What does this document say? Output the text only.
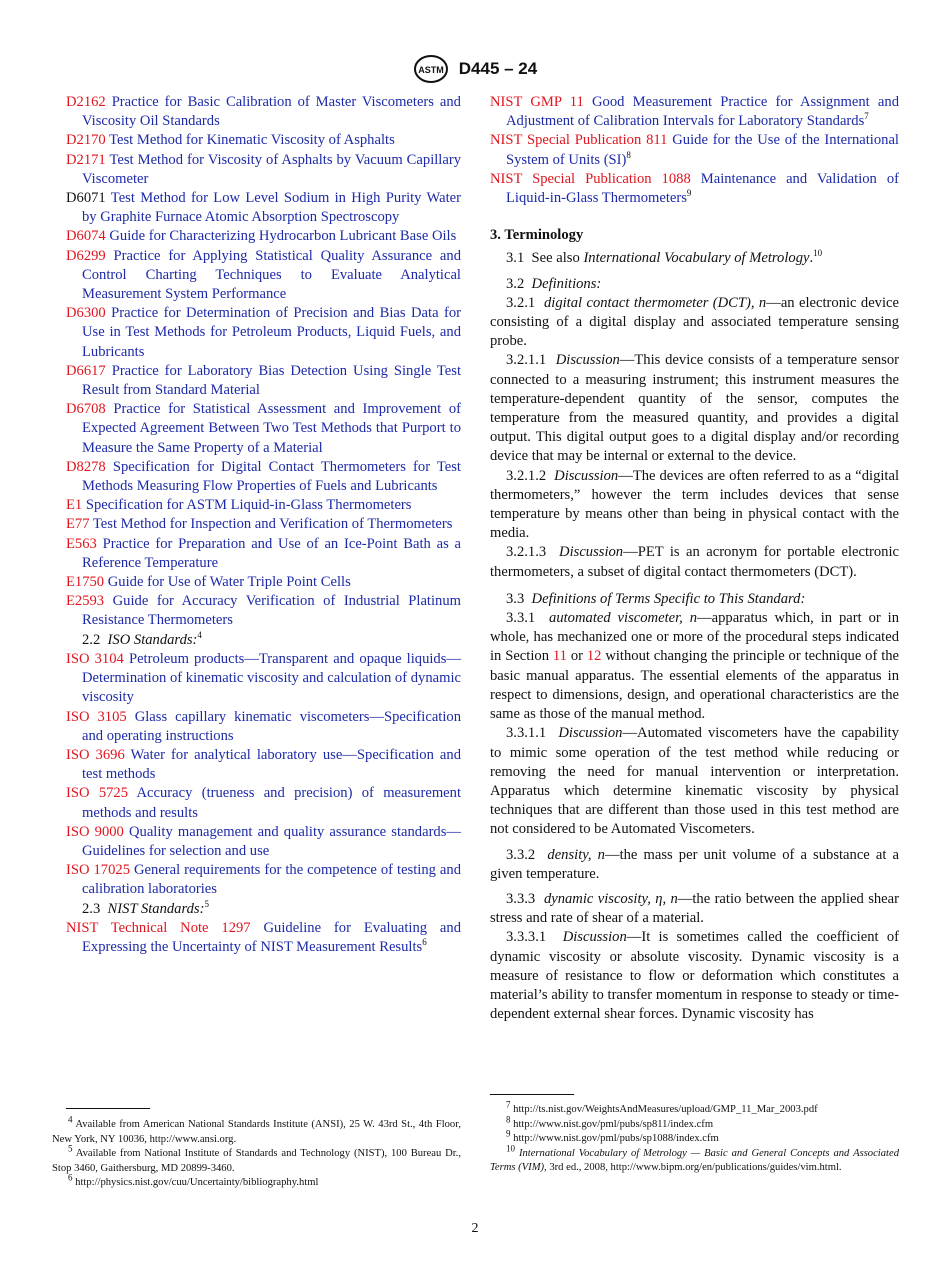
ASTM D445 – 24

D2162 Practice for Basic Calibration of Master Viscometers and Viscosity Oil Standards

D2170 Test Method for Kinematic Viscosity of Asphalts

D2171 Test Method for Viscosity of Asphalts by Vacuum Capillary Viscometer

D6071 Test Method for Low Level Sodium in High Purity Water by Graphite Furnace Atomic Absorption Spectroscopy

D6074 Guide for Characterizing Hydrocarbon Lubricant Base Oils

D6299 Practice for Applying Statistical Quality Assurance and Control Charting Techniques to Evaluate Analytical Measurement System Performance

D6300 Practice for Determination of Precision and Bias Data for Use in Test Methods for Petroleum Products, Liquid Fuels, and Lubricants

D6617 Practice for Laboratory Bias Detection Using Single Test Result from Standard Material

D6708 Practice for Statistical Assessment and Improvement of Expected Agreement Between Two Test Methods that Purport to Measure the Same Property of a Material

D8278 Specification for Digital Contact Thermometers for Test Methods Measuring Flow Properties of Fuels and Lubricants

E1 Specification for ASTM Liquid-in-Glass Thermometers

E77 Test Method for Inspection and Verification of Thermometers

E563 Practice for Preparation and Use of an Ice-Point Bath as a Reference Temperature

E1750 Guide for Use of Water Triple Point Cells

E2593 Guide for Accuracy Verification of Industrial Platinum Resistance Thermometers

2.2 ISO Standards:$^4$

ISO 3104 Petroleum products—Transparent and opaque liquids—Determination of kinematic viscosity and calculation of dynamic viscosity

ISO 3105 Glass capillary kinematic viscometers—Specification and operating instructions

ISO 3696 Water for analytical laboratory use—Specification and test methods

ISO 5725 Accuracy (trueness and precision) of measurement methods and results

ISO 9000 Quality management and quality assurance standards—Guidelines for selection and use

ISO 17025 General requirements for the competence of testing and calibration laboratories

2.3 NIST Standards:$^5$

NIST Technical Note 1297 Guideline for Evaluating and Expressing the Uncertainty of NIST Measurement Results$^6$

NIST GMP 11 Good Measurement Practice for Assignment and Adjustment of Calibration Intervals for Laboratory Standards$^7$

NIST Special Publication 811 Guide for the Use of the International System of Units (SI)$^8$

NIST Special Publication 1088 Maintenance and Validation of Liquid-in-Glass Thermometers$^9$

3. Terminology

3.1 See also International Vocabulary of Metrology.$^{10}$

3.2 Definitions:

3.2.1 digital contact thermometer (DCT), n—an electronic device consisting of a digital display and associated temperature sensing probe.

3.2.1.1 Discussion—This device consists of a temperature sensor connected to a measuring instrument; this instrument measures the temperature-dependent quantity of the sensor, computes the temperature from the measured quantity, and provides a digital output. This digital output goes to a digital display and/or recording device that may be internal or external to the device.

3.2.1.2 Discussion—The devices are often referred to as a “digital thermometers,” however the term includes devices that sense temperature by means other than being in physical contact with the media.

3.2.1.3 Discussion—PET is an acronym for portable electronic thermometers, a subset of digital contact thermometers (DCT).

3.3 Definitions of Terms Specific to This Standard:

3.3.1 automated viscometer, n—apparatus which, in part or in whole, has mechanized one or more of the procedural steps indicated in Section 11 or 12 without changing the principle or technique of the basic manual apparatus. The essential elements of the apparatus in respect to dimensions, design, and operational characteristics are the same as those of the manual method.

3.3.1.1 Discussion—Automated viscometers have the capability to mimic some operation of the test method while reducing or removing the need for manual intervention or interpretation. Apparatus which determine kinematic viscosity by physical techniques that are different than those used in this test method are not considered to be Automated Viscometers.

3.3.2 density, n—the mass per unit volume of a substance at a given temperature.

3.3.3 dynamic viscosity, η, n—the ratio between the applied shear stress and rate of shear of a material.

3.3.3.1 Discussion—It is sometimes called the coefficient of dynamic viscosity or absolute viscosity. Dynamic viscosity is a measure of resistance to flow or deformation which constitutes a material’s ability to transfer momentum in response to steady or time-dependent external shear forces. Dynamic viscosity has

$^4$ Available from American National Standards Institute (ANSI), 25 W. 43rd St., 4th Floor, New York, NY 10036, http://www.ansi.org.

$^5$ Available from National Institute of Standards and Technology (NIST), 100 Bureau Dr., Stop 3460, Gaithersburg, MD 20899-3460.

$^6$ http://physics.nist.gov/cuu/Uncertainty/bibliography.html

$^7$ http://ts.nist.gov/WeightsAndMeasures/upload/GMP_11_Mar_2003.pdf

$^8$ http://www.nist.gov/pml/pubs/sp811/index.cfm

$^9$ http://www.nist.gov/pml/pubs/sp1088/index.cfm

$^{10}$ International Vocabulary of Metrology — Basic and General Concepts and Associated Terms (VIM), 3rd ed., 2008, http://www.bipm.org/en/publications/guides/vim.html.

2
